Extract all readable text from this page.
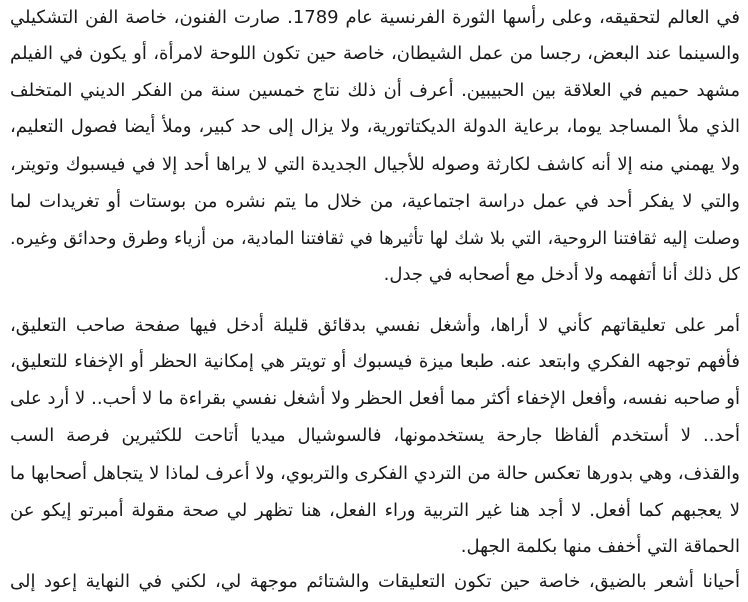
في العالم لتحقيقه، وعلى رأسها الثورة الفرنسية عام 1789. صارت الفنون، خاصة الفن التشكيلي
والسينما عند البعض، رجسا من عمل الشيطان، خاصة حين تكون اللوحة لامرأة، أو يكون في الفيلم
مشهد حميم في العلاقة بين الحبيبين. أعرف أن ذلك نتاج خمسين سنة من الفكر الديني المتخلف
الذي ملأ المساجد يوما، برعاية الدولة الديكتاتورية، ولا يزال إلى حد كبير، وملأ أيضا فصول التعليم،
ولا يهمني منه إلا أنه كاشف لكارثة وصوله للأجيال الجديدة التي لا يراها أحد إلا في فيسبوك وتويتر،
والتي لا يفكر أحد في عمل دراسة اجتماعية، من خلال ما يتم نشره من بوستات أو تغريدات لما
وصلت إليه ثقافتنا الروحية، التي بلا شك لها تأثيرها في ثقافتنا المادية، من أزياء وطرق وحدائق وغيره.
كل ذلك أنا أتفهمه ولا أدخل مع أصحابه في جدل.
أمر على تعليقاتهم كأني لا أراها، وأشغل نفسي بدقائق قليلة أدخل فيها صفحة صاحب التعليق،
فأفهم توجهه الفكري وابتعد عنه. طبعا ميزة فيسبوك أو تويتر هي إمكانية الحظر أو الإخفاء للتعليق،
أو صاحبه نفسه، وأفعل الإخفاء أكثر مما أفعل الحظر ولا أشغل نفسي بقراءة ما لا أحب.. لا أرد على
أحد.. لا أستخدم ألفاظا جارحة يستخدمونها، فالسوشيال ميديا أتاحت للكثيرين فرصة السب
والقذف، وهي بدورها تعكس حالة من التردي الفكرى والتربوي، ولا أعرف لماذا لا يتجاهل أصحابها ما
لا يعجبهم كما أفعل. لا أجد هنا غير التربية وراء الفعل، هنا تظهر لي صحة مقولة أمبرتو إيكو عن
الحماقة التي أخفف منها بكلمة الجهل.
أحيانا أشعر بالضيق، خاصة حين تكون التعليقات والشتائم موجهة لي، لكني في النهاية إعود إلى
